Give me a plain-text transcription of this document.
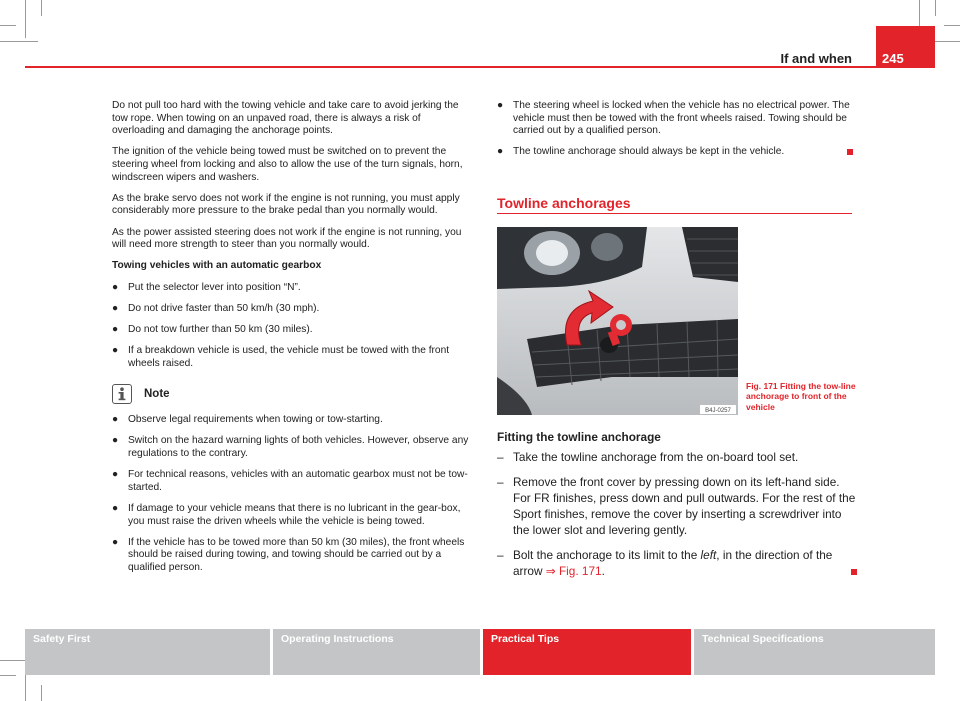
245
If and when
Do not pull too hard with the towing vehicle and take care to avoid jerking the tow rope. When towing on an unpaved road, there is always a risk of overloading and damaging the anchorage points.
The ignition of the vehicle being towed must be switched on to prevent the steering wheel from locking and also to allow the use of the turn signals, horn, windscreen wipers and washers.
As the brake servo does not work if the engine is not running, you must apply considerably more pressure to the brake pedal than you normally would.
As the power assisted steering does not work if the engine is not running, you will need more strength to steer than you normally would.
Towing vehicles with an automatic gearbox
● Put the selector lever into position “N”.
● Do not drive faster than 50 km/h (30 mph).
● Do not tow further than 50 km (30 miles).
● If a breakdown vehicle is used, the vehicle must be towed with the front wheels raised.
Note
● Observe legal requirements when towing or tow-starting.
● Switch on the hazard warning lights of both vehicles. However, observe any regulations to the contrary.
● For technical reasons, vehicles with an automatic gearbox must not be tow-started.
● If damage to your vehicle means that there is no lubricant in the gear-box, you must raise the driven wheels while the vehicle is being towed.
● If the vehicle has to be towed more than 50 km (30 miles), the front wheels should be raised during towing, and towing should be carried out by a qualified person.
● The steering wheel is locked when the vehicle has no electrical power. The vehicle must then be towed with the front wheels raised. Towing should be carried out by a qualified person.
● The towline anchorage should always be kept in the vehicle.
Towline anchorages
B4J-0257
Fig. 171 Fitting the tow-line anchorage to front of the vehicle
Fitting the towline anchorage
– Take the towline anchorage from the on-board tool set.
– Remove the front cover by pressing down on its left-hand side. For FR finishes, press down and pull outwards. For the rest of the Sport finishes, remove the cover by inserting a screwdriver into the lower slot and levering gently.
– Bolt the anchorage to its limit to the left, in the direction of the arrow ⇒ Fig. 171.
Safety First	Operating Instructions	Practical Tips	Technical Specifications
